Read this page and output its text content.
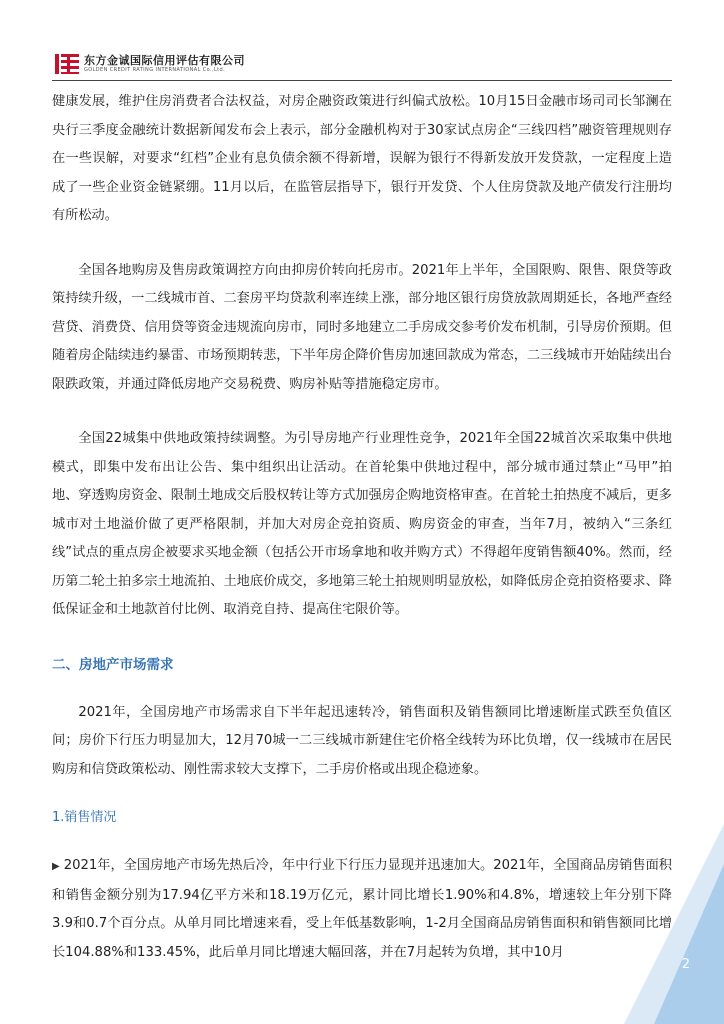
东方金诚国际信用评估有限公司
GOLDEN CREDIT RATING INTERNATIONAL Co.,Ltd.

健康发展，维护住房消费者合法权益，对房企融资政策进行纠偏式放松。10月15日金融市场司司长邹澜在央行三季度金融统计数据新闻发布会上表示，部分金融机构对于30家试点房企“三线四档”融资管理规则存在一些误解，对要求“红档”企业有息负债余额不得新增，误解为银行不得新发放开发贷款，一定程度上造成了一些企业资金链紧绷。11月以后，在监管层指导下，银行开发贷、个人住房贷款及地产债发行注册均有所松动。

全国各地购房及售房政策调控方向由抑房价转向托房市。2021年上半年，全国限购、限售、限贷等政策持续升级，一二线城市首、二套房平均贷款利率连续上涨，部分地区银行房贷放款周期延长，各地严查经营贷、消费贷、信用贷等资金违规流向房市，同时多地建立二手房成交参考价发布机制，引导房价预期。但随着房企陆续违约暴雷、市场预期转悲，下半年房企降价售房加速回款成为常态，二三线城市开始陆续出台限跌政策，并通过降低房地产交易税费、购房补贴等措施稳定房市。

全国22城集中供地政策持续调整。为引导房地产行业理性竞争，2021年全国22城首次采取集中供地模式，即集中发布出让公告、集中组织出让活动。在首轮集中供地过程中，部分城市通过禁止“马甲”拍地、穿透购房资金、限制土地成交后股权转让等方式加强房企购地资格审查。在首轮土拍热度不减后，更多城市对土地溢价做了更严格限制，并加大对房企竞拍资质、购房资金的审查，当年7月，被纳入“三条红线”试点的重点房企被要求买地金额（包括公开市场拿地和收并购方式）不得超年度销售额40%。然而，经历第二轮土拍多宗土地流拍、土地底价成交，多地第三轮土拍规则明显放松，如降低房企竞拍资格要求、降低保证金和土地款首付比例、取消竞自持、提高住宅限价等。

二、房地产市场需求

2021年，全国房地产市场需求自下半年起迅速转冷，销售面积及销售额同比增速断崖式跌至负值区间；房价下行压力明显加大，12月70城一二三线城市新建住宅价格全线转为环比负增，仅一线城市在居民购房和信贷政策松动、刚性需求较大支撑下，二手房价格或出现企稳迹象。

1.销售情况

▶ 2021年，全国房地产市场先热后冷，年中行业下行压力显现并迅速加大。2021年，全国商品房销售面积和销售金额分别为17.94亿平方米和18.19万亿元，累计同比增长1.90%和4.8%，增速较上年分别下降3.9和0.7个百分点。从单月同比增速来看，受上年低基数影响，1-2月全国商品房销售面积和销售额同比增长104.88%和133.45%，此后单月同比增速大幅回落，并在7月起转为负增，其中10月

2
